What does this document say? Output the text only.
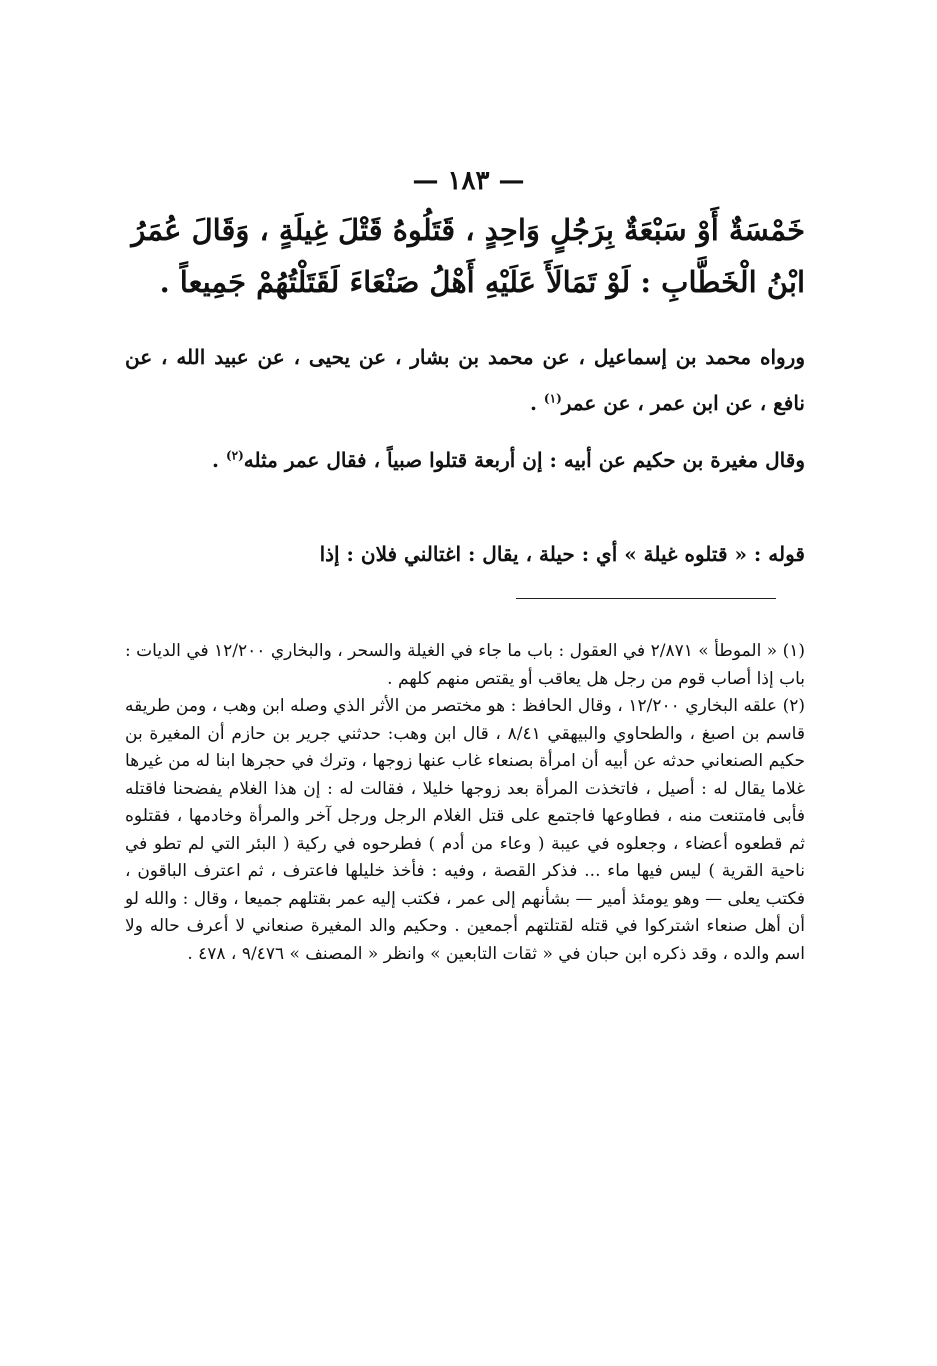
— ١٨٣ —
خَمْسَةٌ أَوْ سَبْعَةٌ بِرَجُلٍ وَاحِدٍ ، قَتَلُوهُ قَتْلَ غِيلَةٍ ، وَقَالَ عُمَرُ
ابْنُ الْخَطَّابِ : لَوْ تَمَالَأَ عَلَيْهِ أَهْلُ صَنْعَاءَ لَقَتَلْتُهُمْ جَمِيعاً .
ورواه محمد بن إسماعيل ، عن محمد بن بشار ، عن يحيى ، عن عبيد الله ، عن نافع ، عن ابن عمر ، عن عمر$^{(١)}$ .
وقال مغيرة بن حكيم عن أبيه : إن أربعة قتلوا صبياً ، فقال عمر مثله$^{(٢)}$ .
قوله : « قتلوه غيلة » أي : حيلة ، يقال : اغتالني فلان : إذا

(١) « الموطأ » ٢/٨٧١ في العقول : باب ما جاء في الغيلة والسحر ، والبخاري ١٢/٢٠٠ في الديات : باب إذا أصاب قوم من رجل هل يعاقب أو يقتص منهم كلهم .

(٢) علقه البخاري ١٢/٢٠٠ ، وقال الحافظ : هو مختصر من الأثر الذي وصله ابن وهب ، ومن طريقه قاسم بن اصبغ ، والطحاوي والبيهقي ٨/٤١ ، قال ابن وهب: حدثني جرير بن حازم أن المغيرة بن حكيم الصنعاني حدثه عن أبيه أن امرأة بصنعاء غاب عنها زوجها ، وترك في حجرها ابنا له من غيرها غلاما يقال له : أصيل ، فاتخذت المرأة بعد زوجها خليلا ، فقالت له : إن هذا الغلام يفضحنا فاقتله فأبى فامتنعت منه ، فطاوعها فاجتمع على قتل الغلام الرجل ورجل آخر والمرأة وخادمها ، فقتلوه ثم قطعوه أعضاء ، وجعلوه في عيبة ( وعاء من أدم ) فطرحوه في ركية ( البئر التي لم تطو في ناحية القرية ) ليس فيها ماء ... فذكر القصة ، وفيه : فأخذ خليلها فاعترف ، ثم اعترف الباقون ، فكتب يعلى — وهو يومئذ أمير — بشأنهم إلى عمر ، فكتب إليه عمر بقتلهم جميعا ، وقال : والله لو أن أهل صنعاء اشتركوا في قتله لقتلتهم أجمعين . وحكيم والد المغيرة صنعاني لا أعرف حاله ولا اسم والده ، وقد ذكره ابن حبان في « ثقات التابعين » وانظر « المصنف » ٩/٤٧٦ ، ٤٧٨ .
